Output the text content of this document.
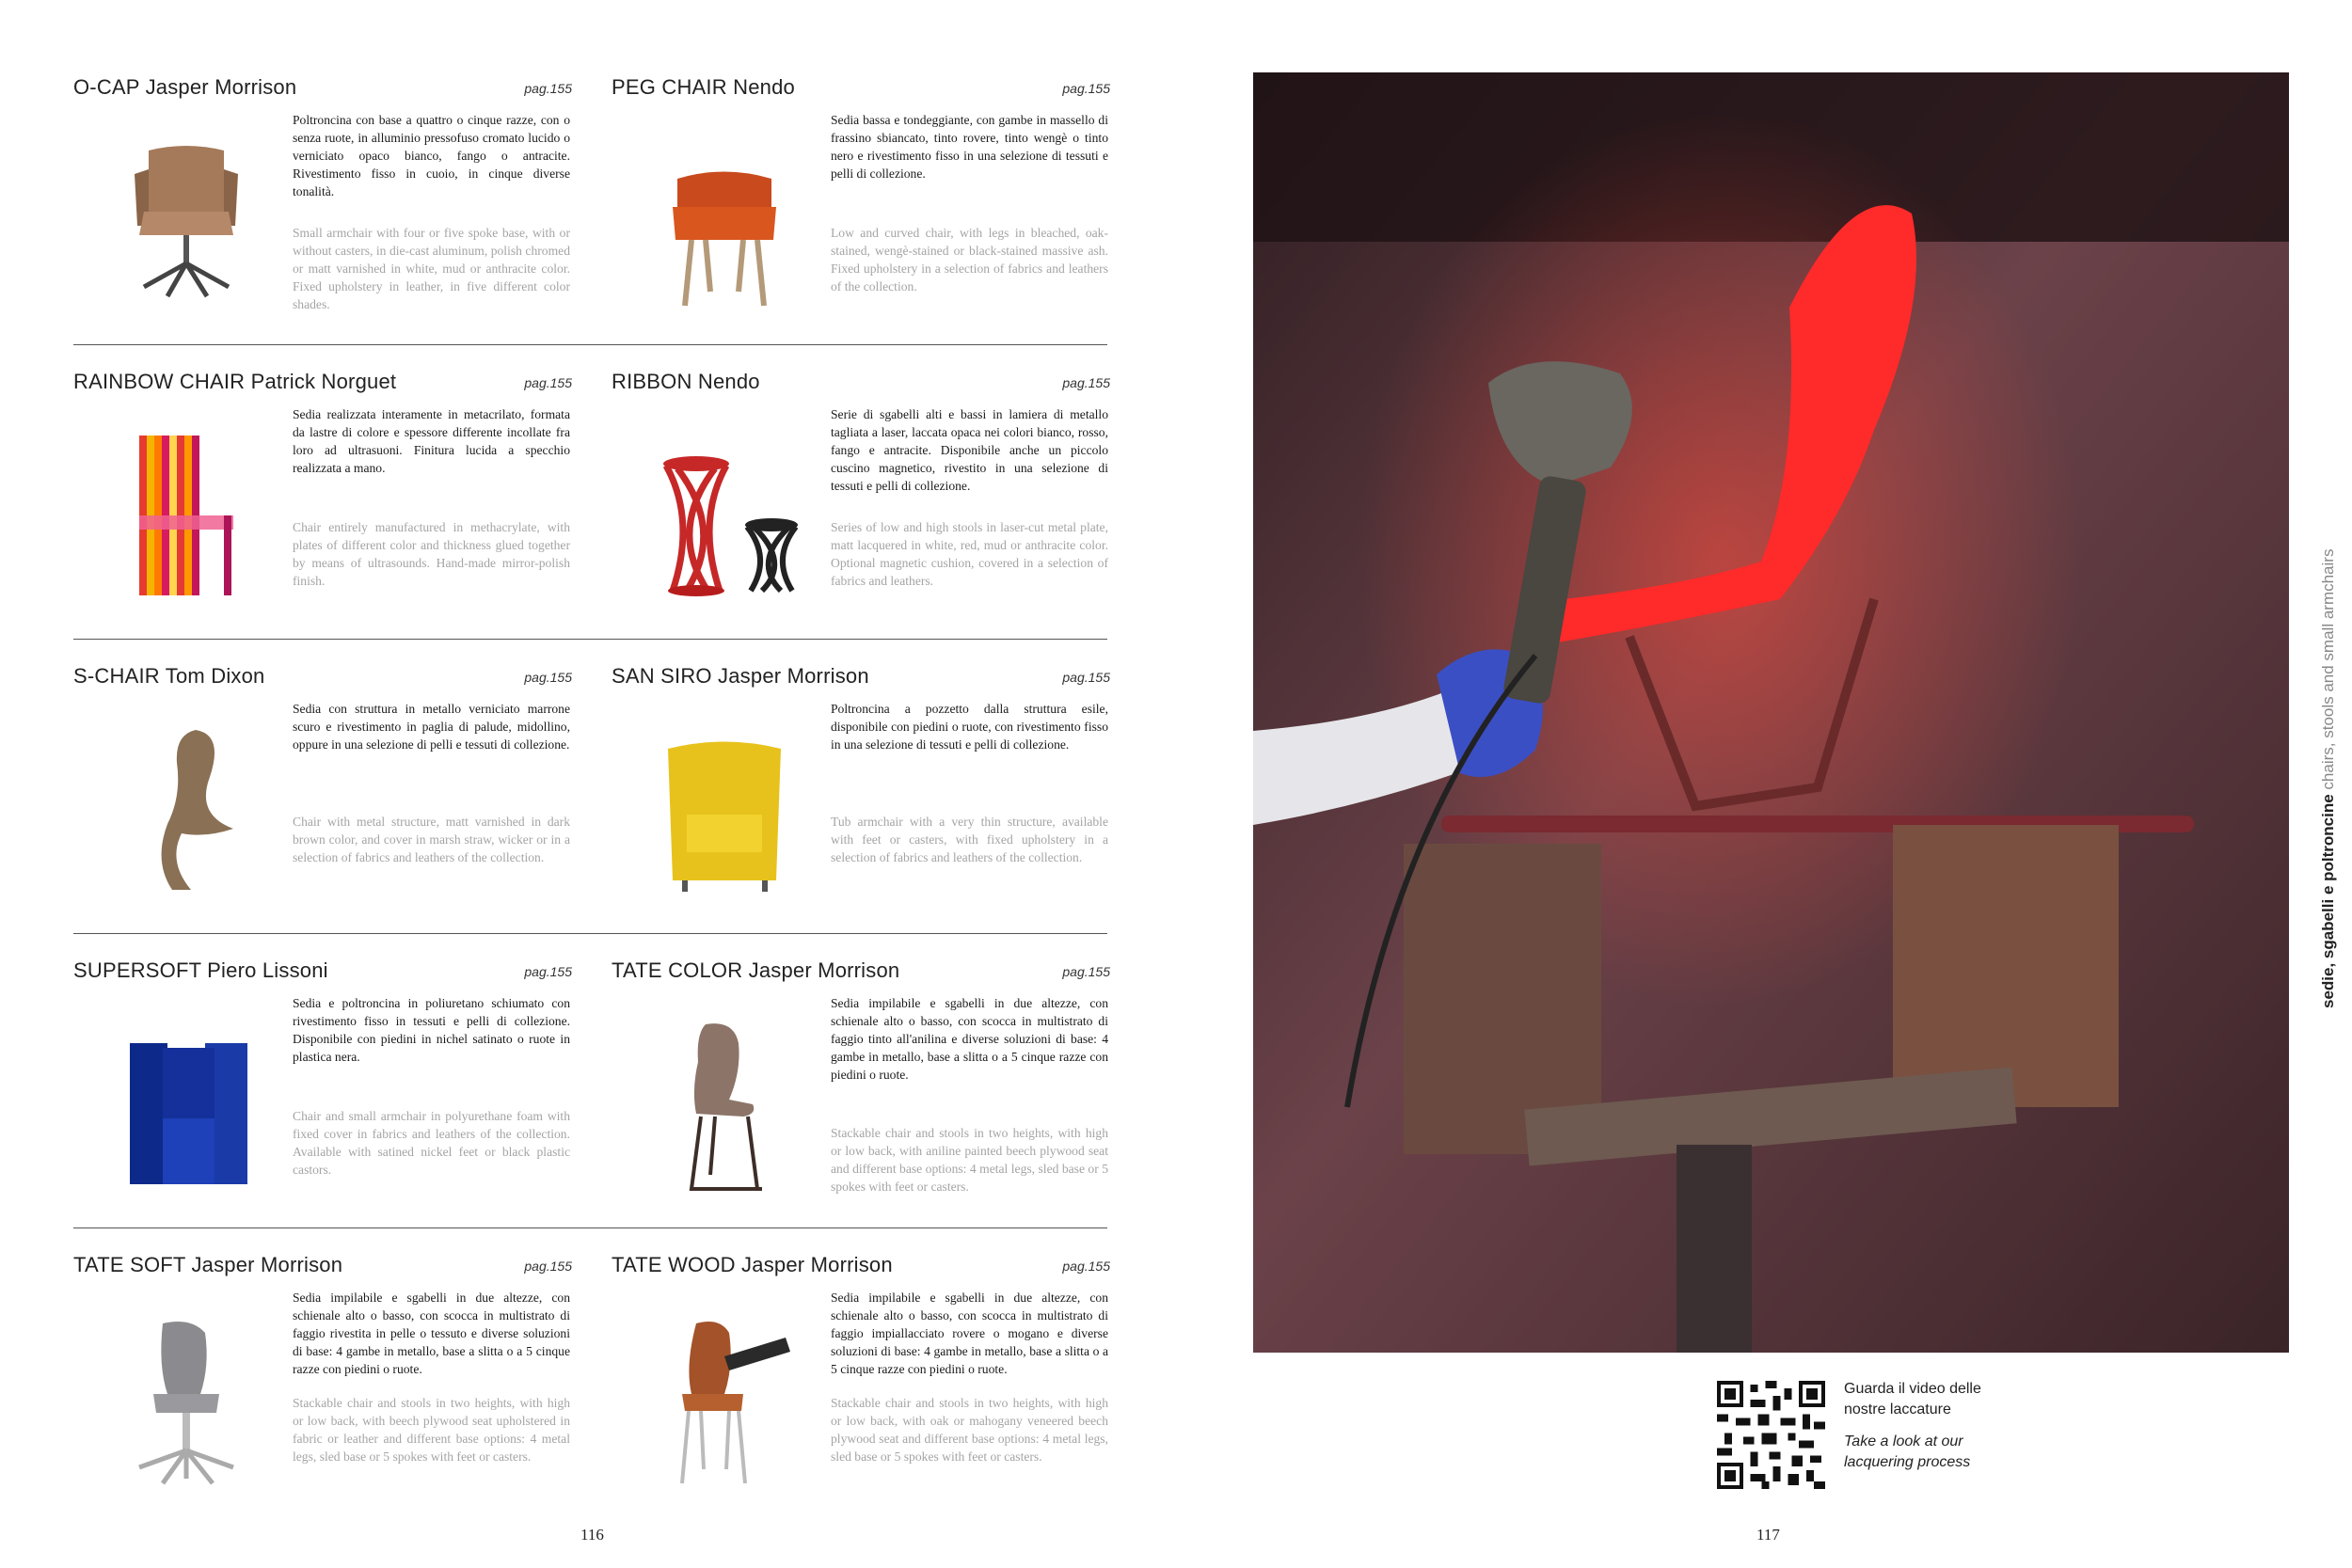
O-CAP Jasper Morrison	pag.155
Poltroncina con base a quattro o cinque razze, con o senza ruote, in alluminio pressofuso cromato lucido o verniciato opaco bianco, fango o antracite. Rivestimento fisso in cuoio, in cinque diverse tonalità.
Small armchair with four or five spoke base, with or without casters, in die-cast aluminum, polish chromed or matt varnished in white, mud or anthracite color. Fixed upholstery in leather, in five different color shades.
PEG CHAIR Nendo	pag.155
Sedia bassa e tondeggiante, con gambe in massello di frassino sbiancato, tinto rovere, tinto wengè o tinto nero e rivestimento fisso in una selezione di tessuti e pelli di collezione.
Low and curved chair, with legs in bleached, oak-stained, wengè-stained or black-stained massive ash. Fixed upholstery in a selection of fabrics and leathers of the collection.
RAINBOW CHAIR Patrick Norguet	pag.155
Sedia realizzata interamente in metacrilato, formata da lastre di colore e spessore differente incollate fra loro ad ultrasuoni. Finitura lucida a specchio realizzata a mano.
Chair entirely manufactured in methacrylate, with plates of different color and thickness glued together by means of ultrasounds. Hand-made mirror-polish finish.
RIBBON Nendo	pag.155
Serie di sgabelli alti e bassi in lamiera di metallo tagliata a laser, laccata opaca nei colori bianco, rosso, fango e antracite. Disponibile anche un piccolo cuscino magnetico, rivestito in una selezione di tessuti e pelli di collezione.
Series of low and high stools in laser-cut metal plate, matt lacquered in white, red, mud or anthracite color. Optional magnetic cushion, covered in a selection of fabrics and leathers.
S-CHAIR Tom Dixon	pag.155
Sedia con struttura in metallo verniciato marrone scuro e rivestimento in paglia di palude, midollino, oppure in una selezione di pelli e tessuti di collezione.
Chair with metal structure, matt varnished in dark brown color, and cover in marsh straw, wicker or in a selection of fabrics and leathers of the collection.
SAN SIRO Jasper Morrison	pag.155
Poltroncina a pozzetto dalla struttura esile, disponibile con piedini o ruote, con rivestimento fisso in una selezione di tessuti e pelli di collezione.
Tub armchair with a very thin structure, available with feet or casters, with fixed upholstery in a selection of fabrics and leathers of the collection.
SUPERSOFT Piero Lissoni	pag.155
Sedia e poltroncina in poliuretano schiumato con rivestimento fisso in tessuti e pelli di collezione. Disponibile con piedini in nichel satinato o ruote in plastica nera.
Chair and small armchair in polyurethane foam with fixed cover in fabrics and leathers of the collection. Available with satined nickel feet or black plastic castors.
TATE COLOR Jasper Morrison	pag.155
Sedia impilabile e sgabelli in due altezze, con schienale alto o basso, con scocca in multistrato di faggio tinto all'anilina e diverse soluzioni di base: 4 gambe in metallo, base a slitta o a 5 cinque razze con piedini o ruote.
Stackable chair and stools in two heights, with high or low back, with aniline painted beech plywood seat and different base options: 4 metal legs, sled base or 5 spokes with feet or casters.
TATE SOFT Jasper Morrison	pag.155
Sedia impilabile e sgabelli in due altezze, con schienale alto o basso, con scocca in multistrato di faggio rivestita in pelle o tessuto e diverse soluzioni di base: 4 gambe in metallo, base a slitta o a 5 cinque razze con piedini o ruote.
Stackable chair and stools in two heights, with high or low back, with beech plywood seat upholstered in fabric or leather and different base options: 4 metal legs, sled base or 5 spokes with feet or casters.
TATE WOOD Jasper Morrison	pag.155
Sedia impilabile e sgabelli in due altezze, con schienale alto o basso, con scocca in multistrato di faggio impiallacciato rovere o mogano e diverse soluzioni di base: 4 gambe in metallo, base a slitta o a 5 cinque razze con piedini o ruote.
Stackable chair and stools in two heights, with high or low back, with oak or mahogany veneered beech plywood seat and different base options: 4 metal legs, sled base or 5 spokes with feet or casters.
116
sedie, sgabelli e poltroncine chairs, stools and small armchairs
Guarda il video delle
nostre laccature
Take a look at our
lacquering process
117
